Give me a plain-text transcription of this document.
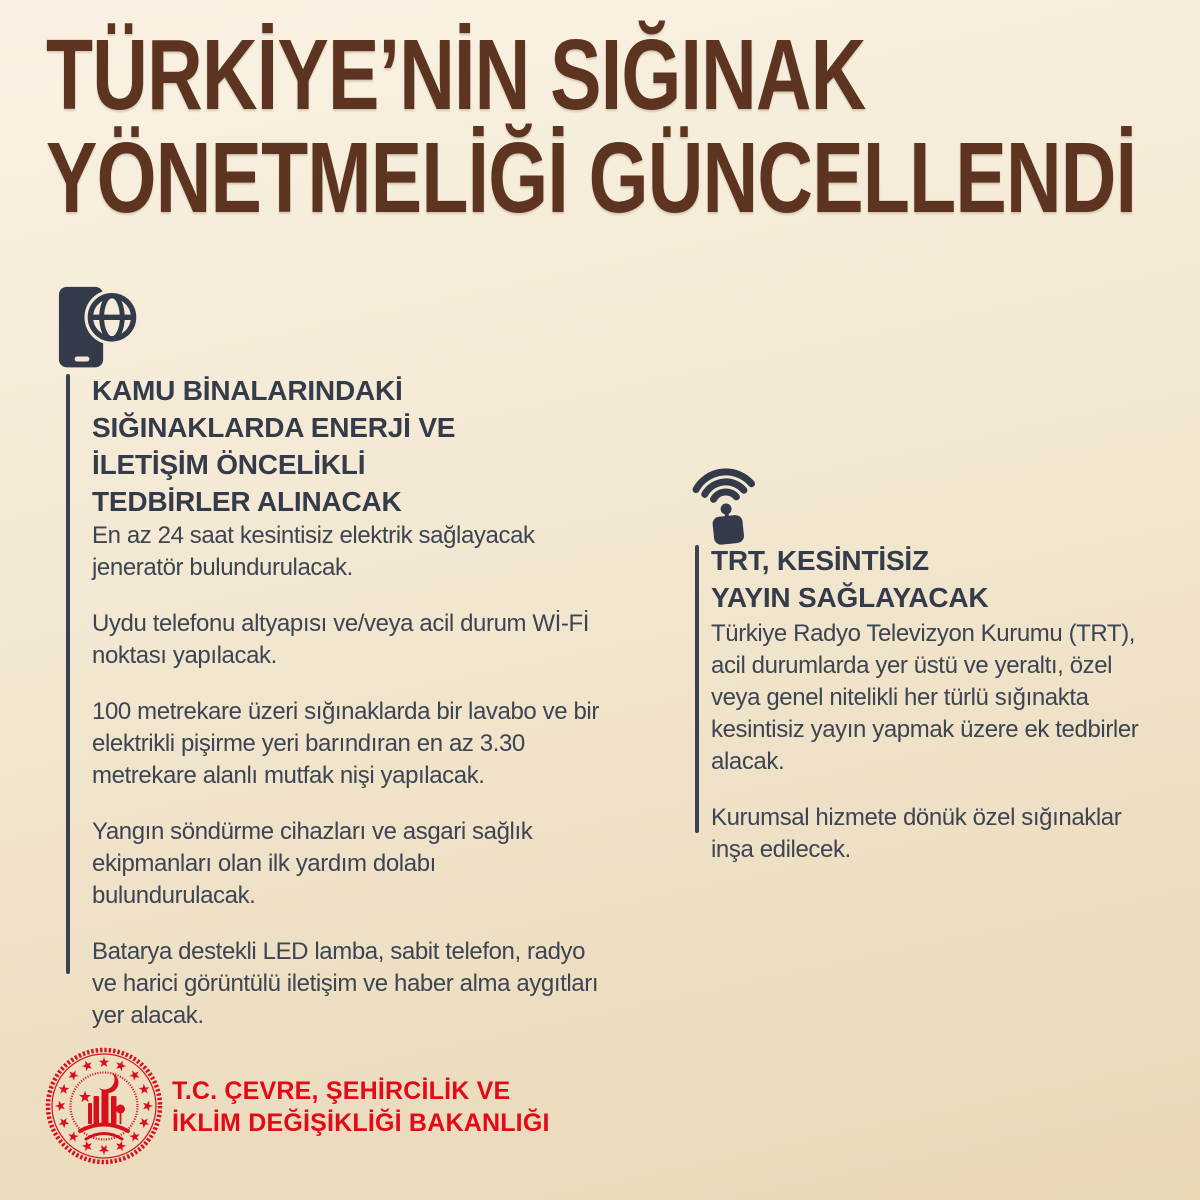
TÜRKİYE’NİN SIĞINAK
YÖNETMELİĞİ GÜNCELLENDİ
KAMU BİNALARINDAKİ
SIĞINAKLARDA ENERJİ VE
İLETİŞİM ÖNCELİKLİ
TEDBİRLER ALINACAK

En az 24 saat kesintisiz elektrik sağlayacak jeneratör bulundurulacak.

Uydu telefonu altyapısı ve/veya acil durum Wİ-Fİ noktası yapılacak.

100 metrekare üzeri sığınaklarda bir lavabo ve bir elektrikli pişirme yeri barındıran en az 3.30 metrekare alanlı mutfak nişi yapılacak.

Yangın söndürme cihazları ve asgari sağlık ekipmanları olan ilk yardım dolabı bulundurulacak.

Batarya destekli LED lamba, sabit telefon, radyo ve harici görüntülü iletişim ve haber alma aygıtları yer alacak.

TRT, KESİNTİSİZ
YAYIN SAĞLAYACAK

Türkiye Radyo Televizyon Kurumu (TRT), acil durumlarda yer üstü ve yeraltı, özel veya genel nitelikli her türlü sığınakta kesintisiz yayın yapmak üzere ek tedbirler alacak.

Kurumsal hizmete dönük özel sığınaklar inşa edilecek.

T.C. ÇEVRE, ŞEHİRCİLİK VE
İKLİM DEĞİŞİKLİĞİ BAKANLIĞI
